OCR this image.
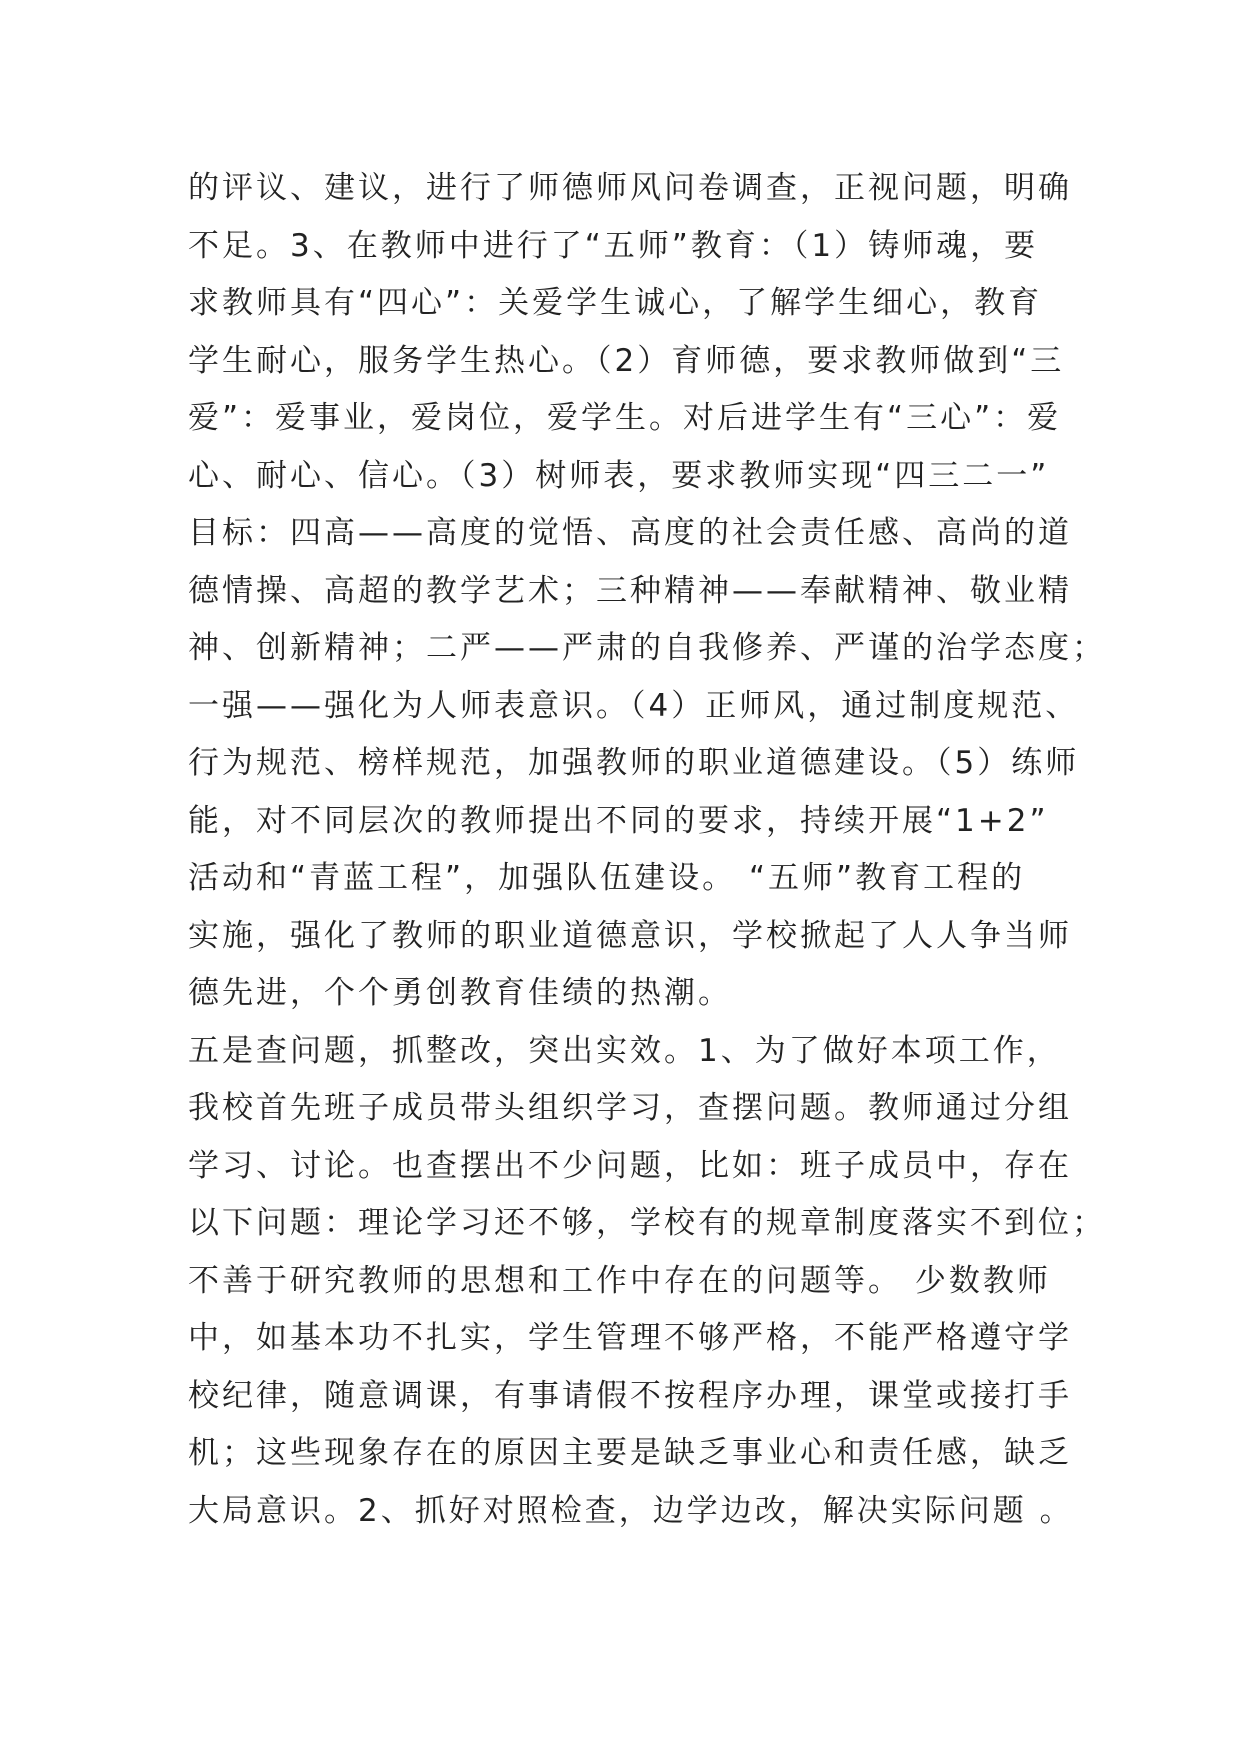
的评议、建议，进行了师德师风问卷调查，正视问题，明确
不足。3、在教师中进行了“五师”教育：（1）铸师魂，要
求教师具有“四心”：关爱学生诚心，了解学生细心，教育
学生耐心，服务学生热心。（2）育师德，要求教师做到“三
爱”：爱事业，爱岗位，爱学生。对后进学生有“三心”：爱
心、耐心、信心。（3）树师表，要求教师实现“四三二一”
目标：四高——高度的觉悟、高度的社会责任感、高尚的道
德情操、高超的教学艺术；三种精神——奉献精神、敬业精
神、创新精神；二严——严肃的自我修养、严谨的治学态度；
一强——强化为人师表意识。（4）正师风，通过制度规范、
行为规范、榜样规范，加强教师的职业道德建设。（5）练师
能，对不同层次的教师提出不同的要求，持续开展“1+2”
活动和“青蓝工程”，加强队伍建设。 “五师”教育工程的
实施，强化了教师的职业道德意识，学校掀起了人人争当师
德先进，个个勇创教育佳绩的热潮。
五是查问题，抓整改，突出实效。1、为了做好本项工作，
我校首先班子成员带头组织学习，查摆问题。教师通过分组
学习、讨论。也查摆出不少问题，比如：班子成员中，存在
以下问题：理论学习还不够，学校有的规章制度落实不到位；
不善于研究教师的思想和工作中存在的问题等。 少数教师
中，如基本功不扎实，学生管理不够严格，不能严格遵守学
校纪律，随意调课，有事请假不按程序办理，课堂或接打手
机；这些现象存在的原因主要是缺乏事业心和责任感，缺乏
大局意识。2、抓好对照检查，边学边改，解决实际问题 。
